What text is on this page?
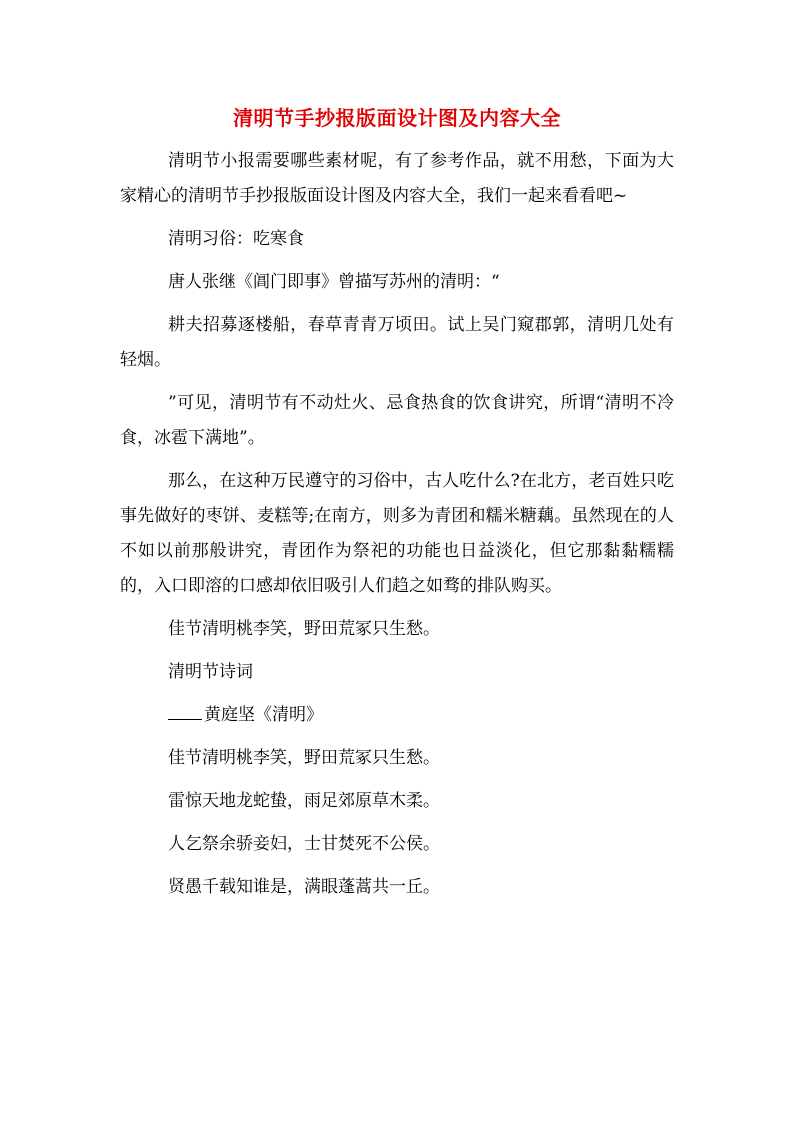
清明节手抄报版面设计图及内容大全

清明节小报需要哪些素材呢，有了参考作品，就不用愁，下面为大家精心的清明节手抄报版面设计图及内容大全，我们一起来看看吧~

清明习俗：吃寒食

唐人张继《阊门即事》曾描写苏州的清明：“

耕夫招募逐楼船，春草青青万顷田。试上吴门窥郡郭，清明几处有轻烟。

”可见，清明节有不动灶火、忌食热食的饮食讲究，所谓“清明不冷食，冰雹下满地”。

那么，在这种万民遵守的习俗中，古人吃什么?在北方，老百姓只吃事先做好的枣饼、麦糕等;在南方，则多为青团和糯米糖藕。虽然现在的人不如以前那般讲究，青团作为祭祀的功能也日益淡化，但它那黏黏糯糯的，入口即溶的口感却依旧吸引人们趋之如骛的排队购买。

佳节清明桃李笑，野田荒冢只生愁。

清明节诗词

黄庭坚《清明》

佳节清明桃李笑，野田荒冢只生愁。

雷惊天地龙蛇蛰，雨足郊原草木柔。

人乞祭余骄妾妇，士甘焚死不公侯。

贤愚千载知谁是，满眼蓬蒿共一丘。
